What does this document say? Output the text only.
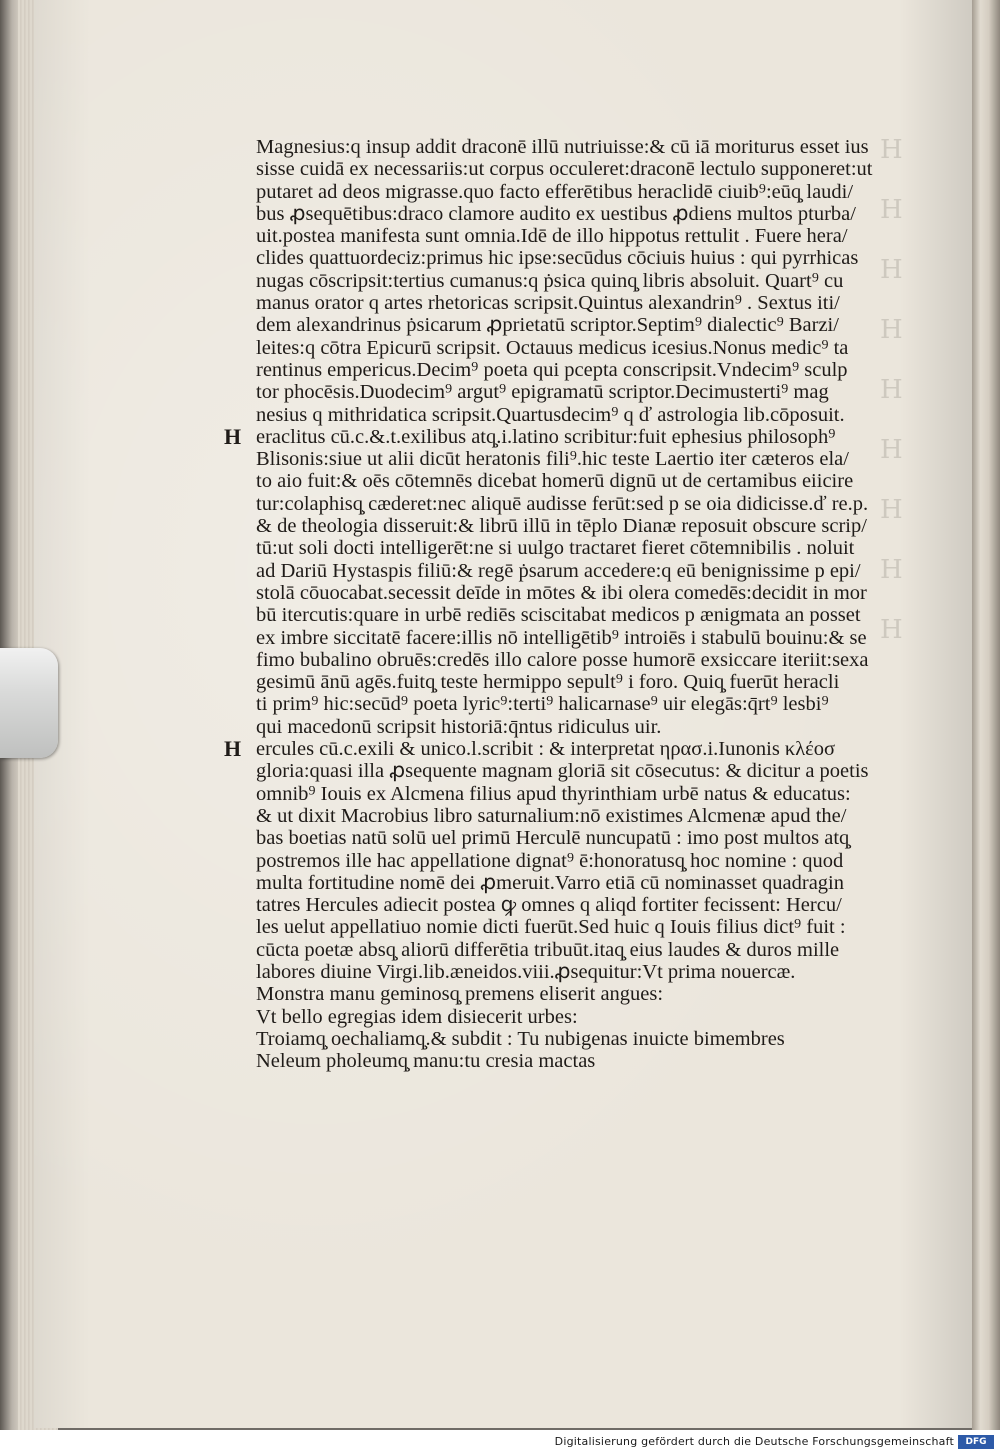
H
H
H
H
H
H
H
H
H
Magnesius:q insup addit draconē illū nutriuisse:& cū iā moriturus esset ius
sisse cuidā ex necessariis:ut corpus occuleret:draconē lectulo supponeret:ut
putaret ad deos migrasse.quo facto efferētibus heraclidē ciuib⁹:eūq̧ laudi/
bus ꝓsequētibus:draco clamore audito ex uestibus ꝓdiens multos pturba/
uit.postea manifesta sunt omnia.Idē de illo hippotus rettulit . Fuere hera/
clides quattuordeciz:primus hic ipse:secūdus cōciuis huius : qui pyrrhicas
nugas cōscripsit:tertius cumanus:q ṗsica quinq̧ libris absoluit. Quart⁹ cu
manus orator q artes rhetoricas scripsit.Quintus alexandrin⁹ . Sextus iti/
dem alexandrinus ṗsicarum ꝓprietatū scriptor.Septim⁹ dialectic⁹ Barzi/
leites:q cōtra Epicurū scripsit. Octauus medicus icesius.Nonus medic⁹ ta
rentinus empericus.Decim⁹ poeta qui pcepta conscripsit.Vndecim⁹ sculp
tor phocēsis.Duodecim⁹ argut⁹ epigramatū scriptor.Decimusterti⁹ mag
nesius q mithridatica scripsit.Quartusdecim⁹ q ď astrologia lib.cōposuit.
H eraclitus cū.c.&.t.exilibus atq̧.i.latino scribitur:fuit ephesius philosoph⁹
Blisonis:siue ut alii dicūt heratonis fili⁹.hic teste Laertio iter cæteros ela/
to aio fuit:& oēs cōtemnēs dicebat homerū dignū ut de certamibus eiicire
tur:colaphisq̧ cæderet:nec aliquē audisse ferūt:sed p se oia didicisse.ď re.p.
& de theologia disseruit:& librū illū in tēplo Dianæ reposuit obscure scrip/
tū:ut soli docti intelligerēt:ne si uulgo tractaret fieret cōtemnibilis . noluit
ad Dariū Hystaspis filiū:& regē ṗsarum accedere:q eū benignissime p epi/
stolā cōuocabat.secessit deīde in mōtes & ibi olera comedēs:decidit in mor
bū itercutis:quare in urbē rediēs sciscitabat medicos p ænigmata an posset
ex imbre siccitatē facere:illis nō intelligētib⁹ introiēs i stabulū bouinu:& se
fimo bubalino obruēs:credēs illo calore posse humorē exsiccare iteriit:sexa
gesimū ānū agēs.fuitq̧ teste hermippo sepult⁹ i foro. Quiq̧ fuerūt heracli
ti prim⁹ hic:secūd⁹ poeta lyric⁹:terti⁹ halicarnase⁹ uir elegās:q̄rt⁹ lesbi⁹
qui macedonū scripsit historiā:q̄ntus ridiculus uir.
H ercules cū.c.exili & unico.l.scribit : & interpretat ηρασ.i.Iunonis κλέοσ
gloria:quasi illa ꝓsequente magnam gloriā sit cōsecutus: & dicitur a poetis
omnib⁹ Iouis ex Alcmena filius apud thyrinthiam urbē natus & educatus:
& ut dixit Macrobius libro saturnalium:nō existimes Alcmenæ apud the/
bas boetias natū solū uel primū Herculē nuncupatū : imo post multos atq̧
postremos ille hac appellatione dignat⁹ ē:honoratusq̧ hoc nomine : quod
multa fortitudine nomē dei ꝓmeruit.Varro etiā cū nominasset quadragin
tatres Hercules adiecit postea ꝙ omnes q aliqd fortiter fecissent: Hercu/
les uelut appellatiuo nomie dicti fuerūt.Sed huic q Iouis filius dict⁹ fuit :
cūcta poetæ absq̧ aliorū differētia tribuūt.itaq̧ eius laudes & duros mille
labores diuine Virgi.lib.æneidos.viii.ꝓsequitur:Vt prima nouercæ.
Monstra manu geminosq̧ premens eliserit angues:
Vt bello egregias idem disiecerit urbes:
Troiamq̧ oechaliamq̧.& subdit : Tu nubigenas inuicte bimembres
Neleum pholeumq̧ manu:tu cresia mactas
Digitalisierung gefördert durch die Deutsche Forschungsgemeinschaft	DFG
